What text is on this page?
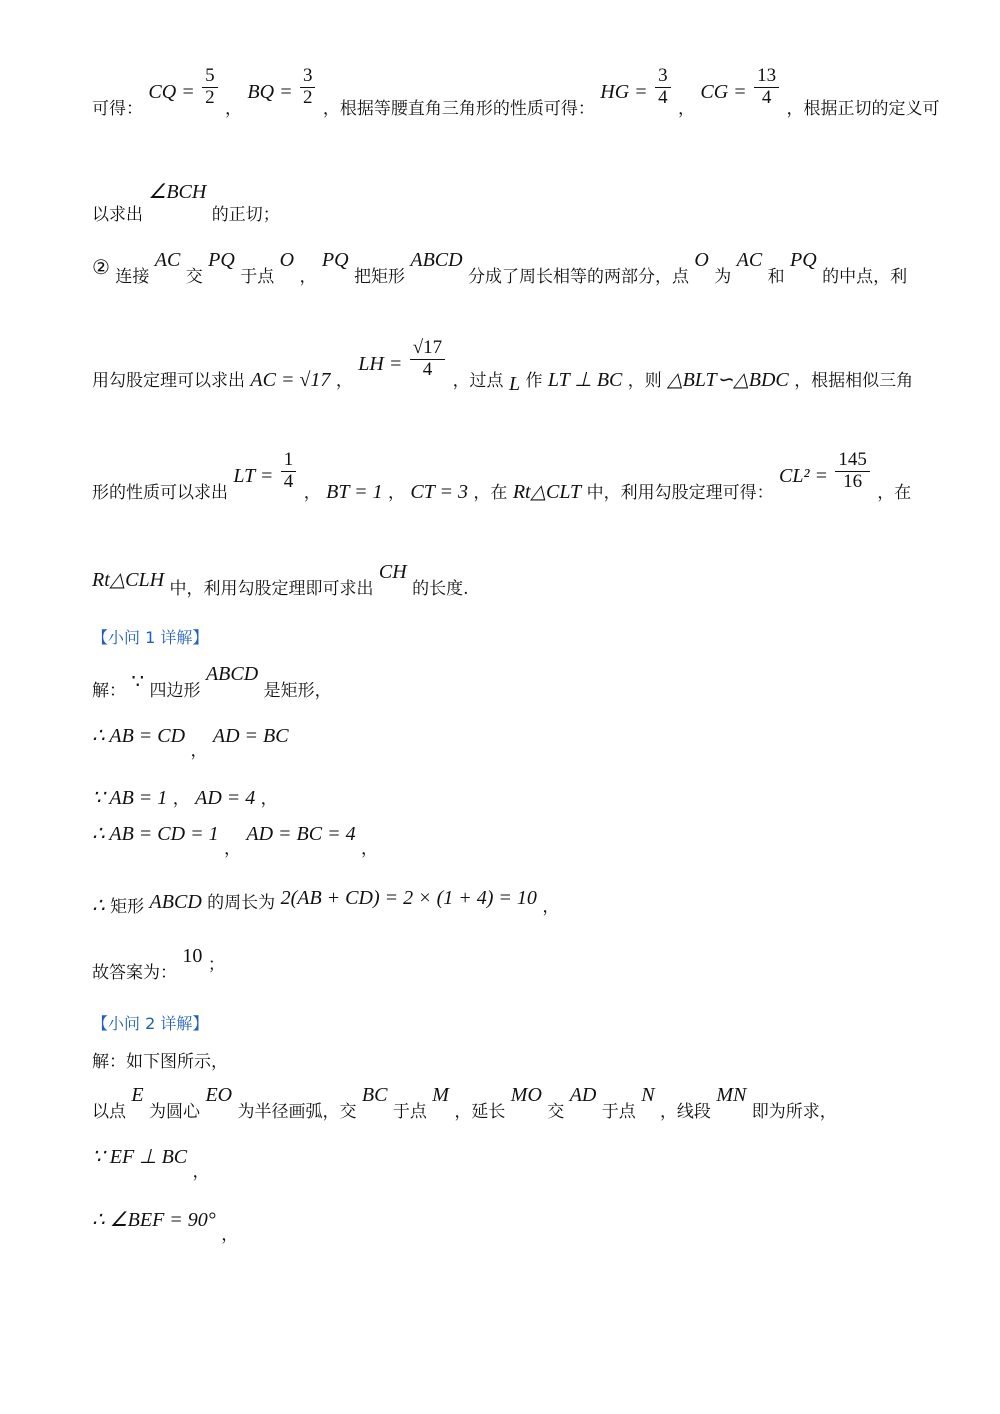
可得： CQ = $\frac{5}{2}$
， BQ = $\frac{3}{2}$
，根据等腰直角三角形的性质可得： HG = $\frac{3}{4}$
， CG = $\frac{13}{4}$
，根据正切的定义可
以求出 ∠BCH 的正切；
② 连接 AC 交 PQ 于点 O ， PQ 把矩形 ABCD 分成了周长相等的两部分，点 O 为 AC 和 PQ 的中点，利
用勾股定理可以求出 AC = √17 ， LH = $\frac{√17}{4}$
，过点 L 作 LT ⊥ BC ，则 △BLT∽△BDC ，根据相似三角
形的性质可以求出 LT = $\frac{1}{4}$
， BT = 1 ， CT = 3 ，在 Rt△CLT 中，利用勾股定理可得： $CL^2 = \frac{145}{16}$
，在
Rt△CLH 中，利用勾股定理即可求出 CH 的长度.
【小问 1 详解】
解： ∵ 四边形 ABCD 是矩形，
∴ AB = CD ， AD = BC
∵ AB = 1 ， AD = 4 ，
∴ AB = CD = 1 ， AD = BC = 4 ，
∴ 矩形 ABCD 的周长为 2(AB + CD) = 2 × (1 + 4) = 10 ，
故答案为： 10 ；
【小问 2 详解】
解：如下图所示，
以点 E 为圆心 EO 为半径画弧，交 BC 于点 M ，延长 MO 交 AD 于点 N ，线段 MN 即为所求，
∵ EF ⊥ BC ，
∴ ∠BEF = 90° ，
